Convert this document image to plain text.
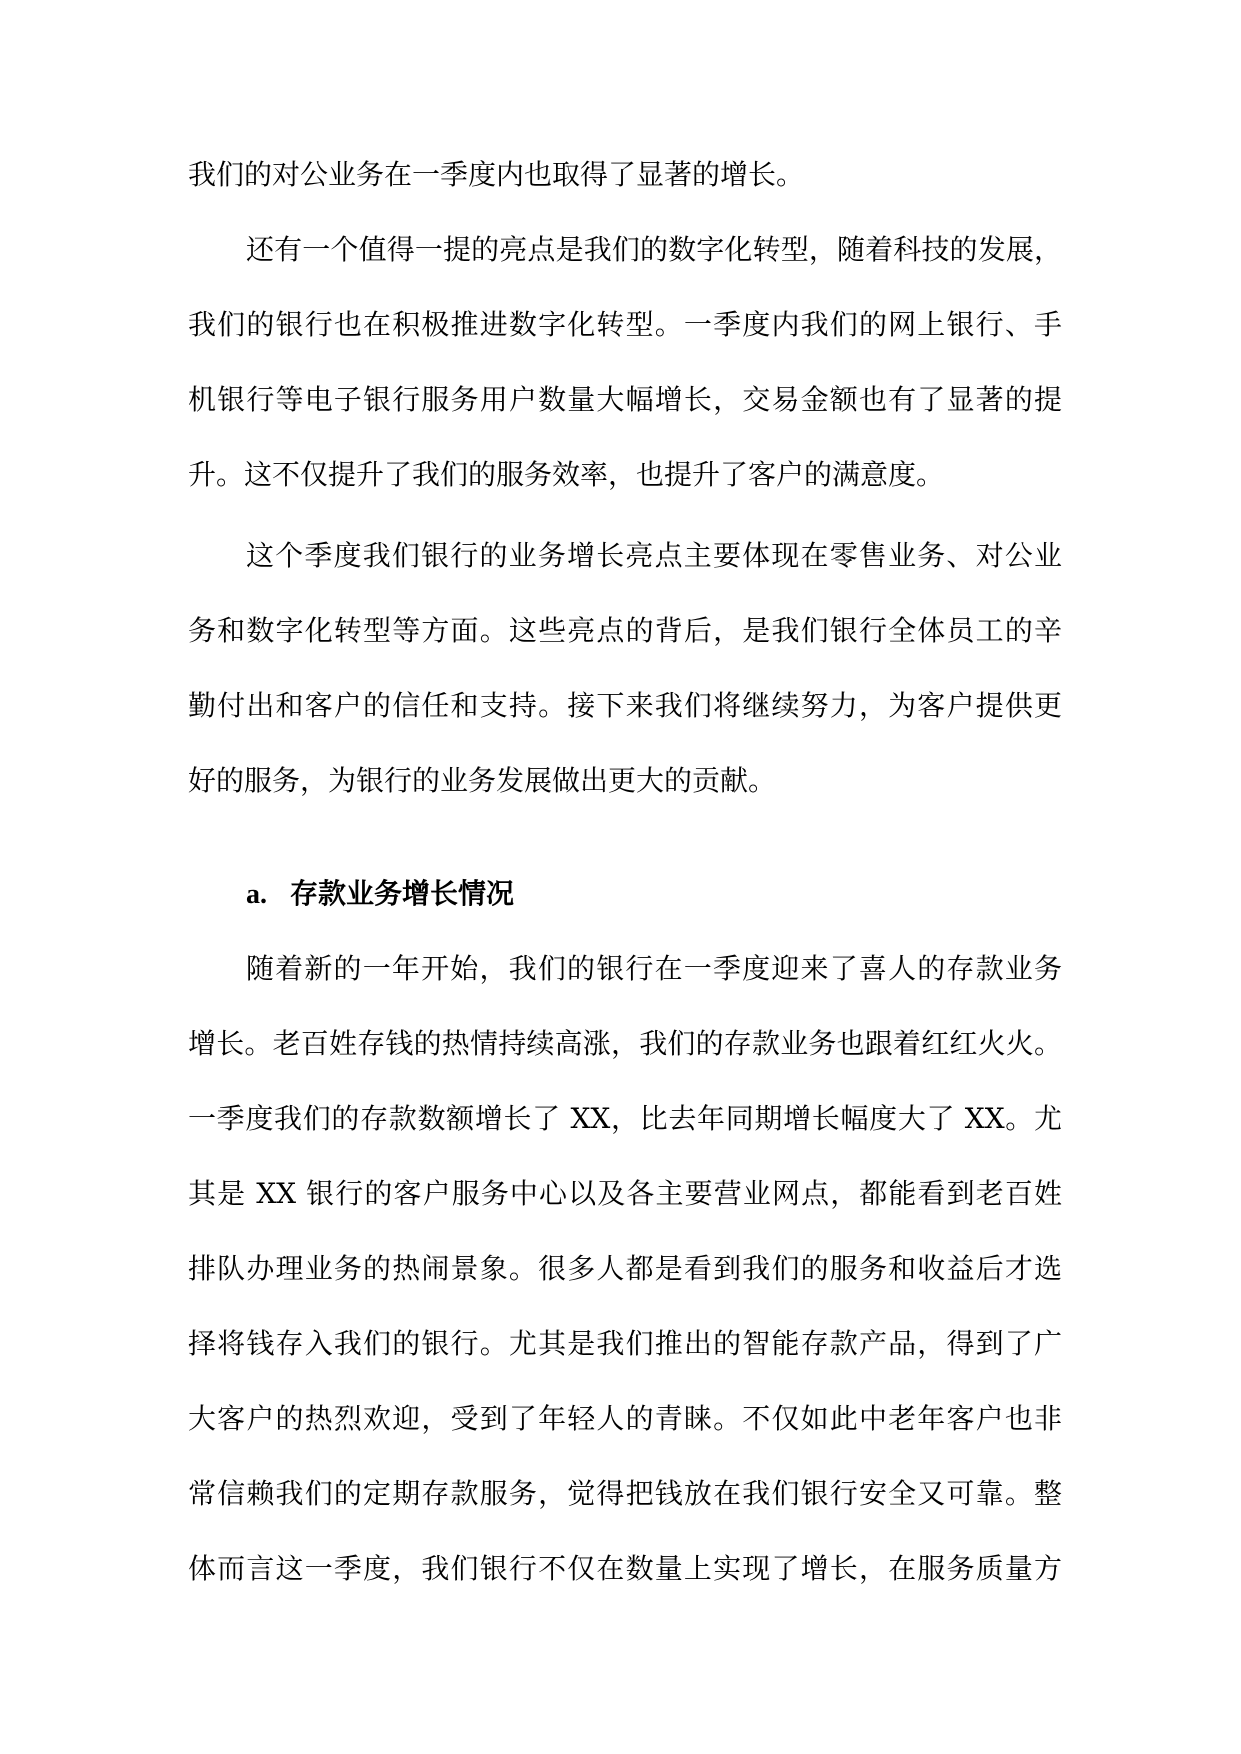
我们的对公业务在一季度内也取得了显著的增长。
还有一个值得一提的亮点是我们的数字化转型，随着科技的发展，
我们的银行也在积极推进数字化转型。一季度内我们的网上银行、手
机银行等电子银行服务用户数量大幅增长，交易金额也有了显著的提
升。这不仅提升了我们的服务效率，也提升了客户的满意度。
这个季度我们银行的业务增长亮点主要体现在零售业务、对公业
务和数字化转型等方面。这些亮点的背后，是我们银行全体员工的辛
勤付出和客户的信任和支持。接下来我们将继续努力，为客户提供更
好的服务，为银行的业务发展做出更大的贡献。
a. 存款业务增长情况
随着新的一年开始，我们的银行在一季度迎来了喜人的存款业务
增长。老百姓存钱的热情持续高涨，我们的存款业务也跟着红红火火。
一季度我们的存款数额增长了 XX，比去年同期增长幅度大了 XX。尤
其是 XX 银行的客户服务中心以及各主要营业网点，都能看到老百姓
排队办理业务的热闹景象。很多人都是看到我们的服务和收益后才选
择将钱存入我们的银行。尤其是我们推出的智能存款产品，得到了广
大客户的热烈欢迎，受到了年轻人的青睐。不仅如此中老年客户也非
常信赖我们的定期存款服务，觉得把钱放在我们银行安全又可靠。整
体而言这一季度，我们银行不仅在数量上实现了增长，在服务质量方
